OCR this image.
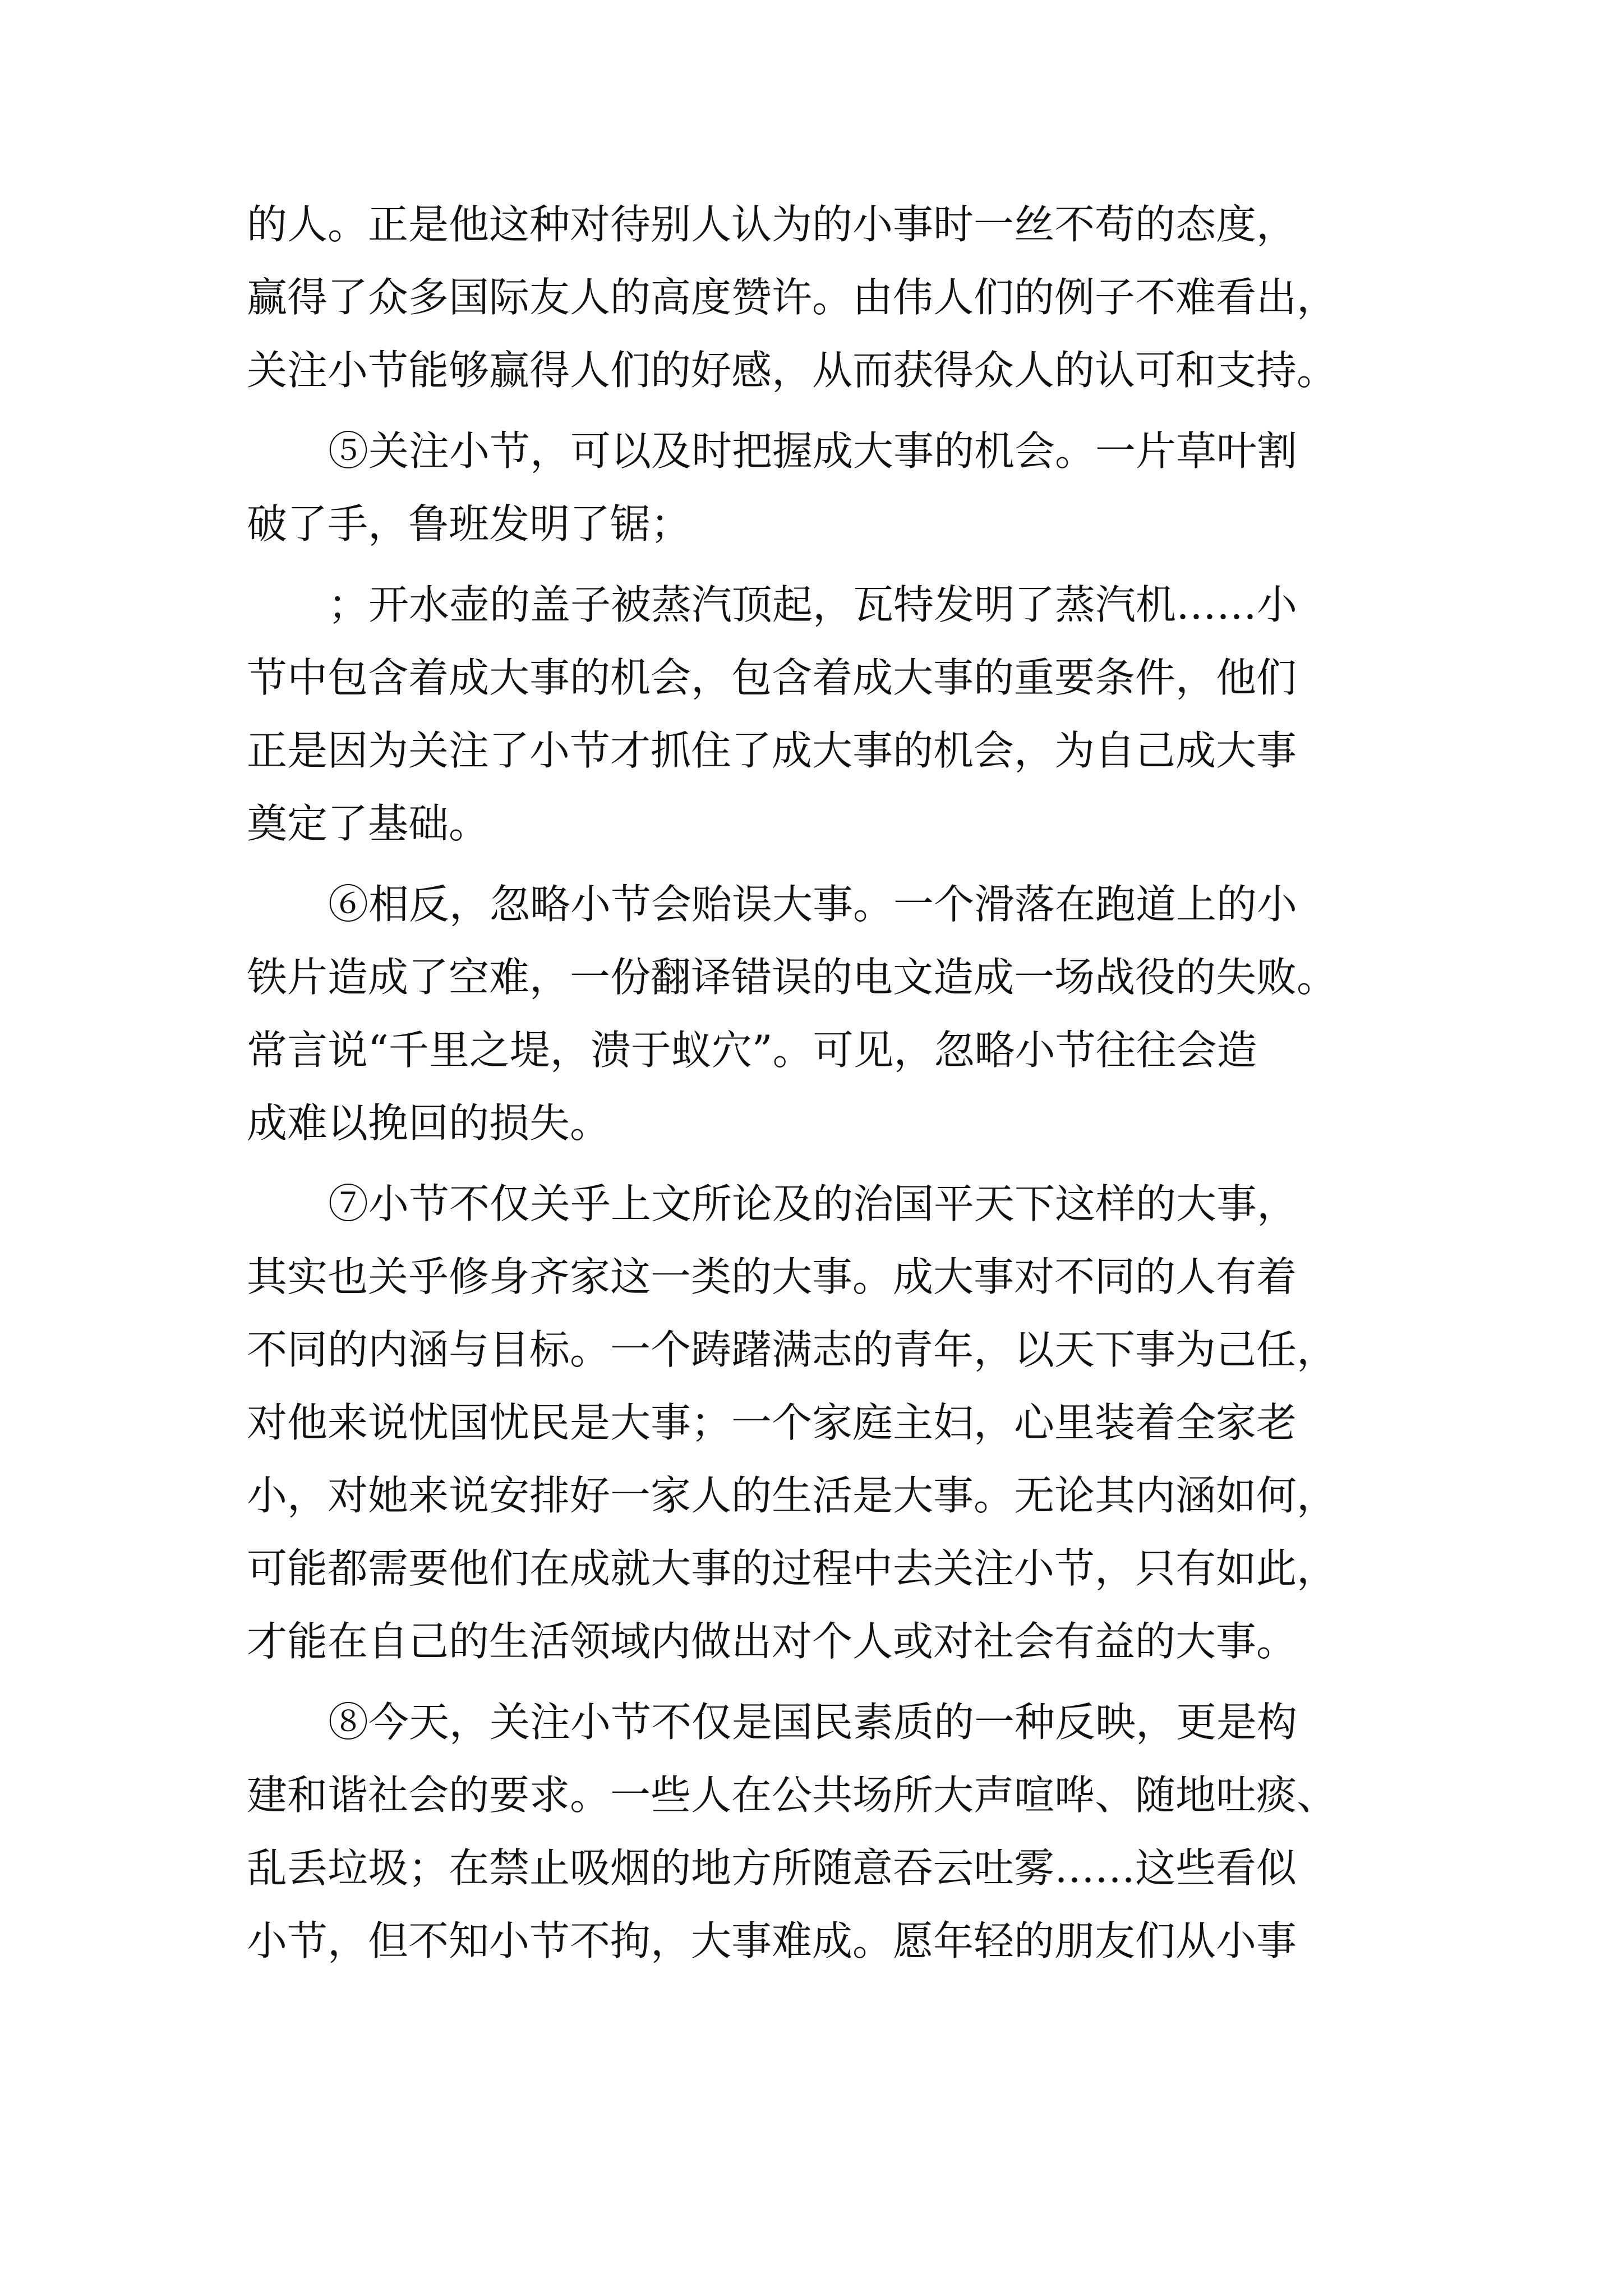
的人。正是他这种对待别人认为的小事时一丝不苟的态度，
赢得了众多国际友人的高度赞许。由伟人们的例子不难看出，
关注小节能够赢得人们的好感，从而获得众人的认可和支持。
⑤关注小节，可以及时把握成大事的机会。一片草叶割
破了手，鲁班发明了锯；
；开水壶的盖子被蒸汽顶起，瓦特发明了蒸汽机……小
节中包含着成大事的机会，包含着成大事的重要条件，他们
正是因为关注了小节才抓住了成大事的机会，为自己成大事
奠定了基础。
⑥相反，忽略小节会贻误大事。一个滑落在跑道上的小
铁片造成了空难，一份翻译错误的电文造成一场战役的失败。
常言说“千里之堤，溃于蚁穴”。可见，忽略小节往往会造
成难以挽回的损失。
⑦小节不仅关乎上文所论及的治国平天下这样的大事，
其实也关乎修身齐家这一类的大事。成大事对不同的人有着
不同的内涵与目标。一个踌躇满志的青年，以天下事为己任，
对他来说忧国忧民是大事；一个家庭主妇，心里装着全家老
小，对她来说安排好一家人的生活是大事。无论其内涵如何，
可能都需要他们在成就大事的过程中去关注小节，只有如此，
才能在自己的生活领域内做出对个人或对社会有益的大事。
⑧今天，关注小节不仅是国民素质的一种反映，更是构
建和谐社会的要求。一些人在公共场所大声喧哗、随地吐痰、
乱丢垃圾；在禁止吸烟的地方所随意吞云吐雾……这些看似
小节，但不知小节不拘，大事难成。愿年轻的朋友们从小事
